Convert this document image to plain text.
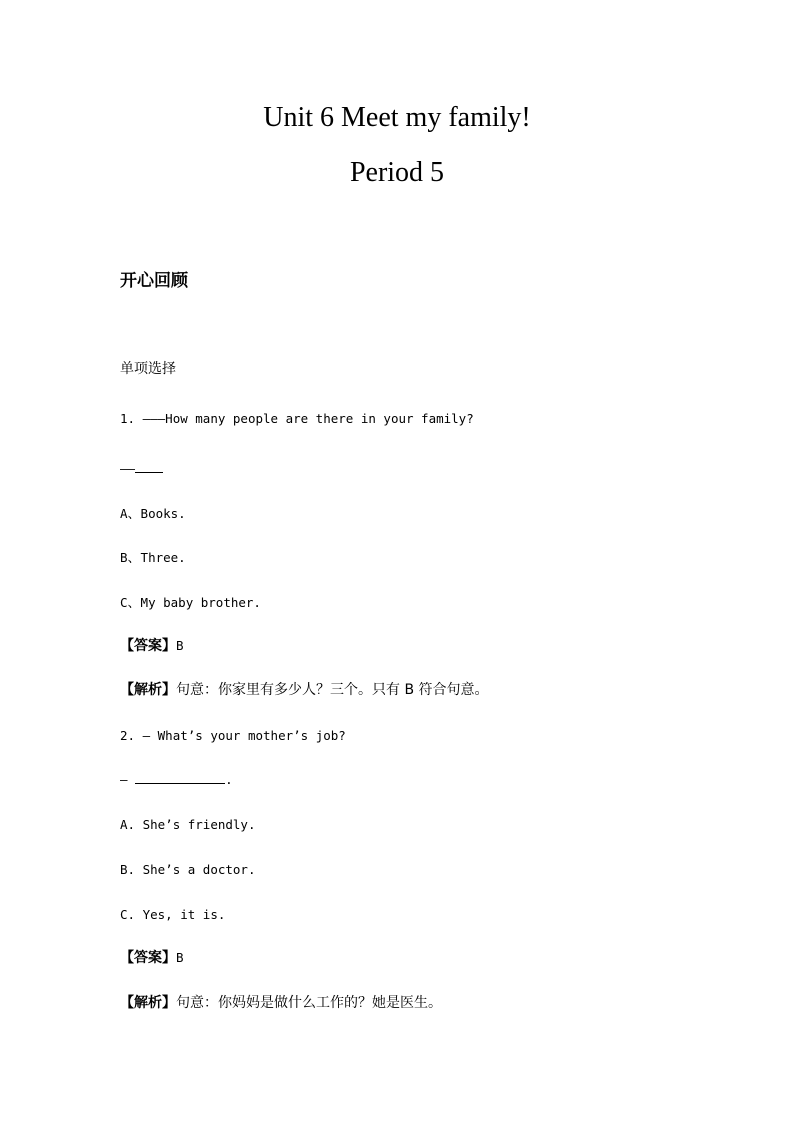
Unit 6 Meet my family!
Period 5
开心回顾
单项选择
1. ———How many people are there in your family?
——
A、Books.
B、Three.
C、My baby brother.
【答案】B
【解析】句意：你家里有多少人？三个。只有 B 符合句意。
2. — What’s your mother’s job?
—	.
A. She’s friendly.
B. She’s a doctor.
C. Yes, it is.
【答案】B
【解析】句意：你妈妈是做什么工作的？她是医生。
